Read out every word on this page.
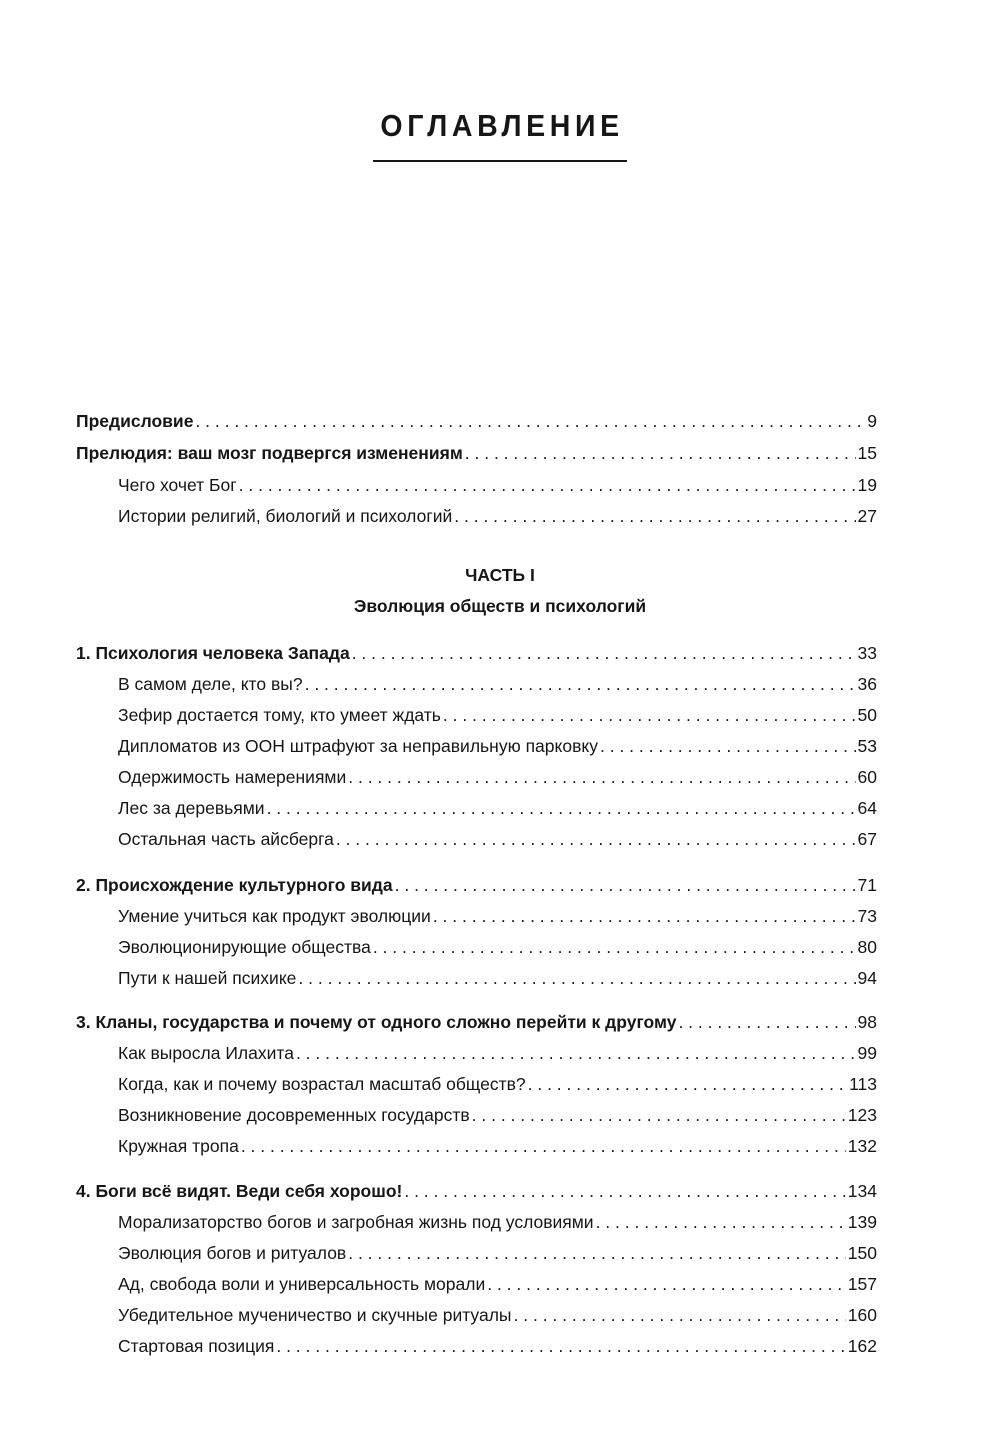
ОГЛАВЛЕНИЕ
Предисловие . . .	9
Прелюдия: ваш мозг подвергся изменениям . . .	15
Чего хочет Бог . . .	19
Истории религий, биологий и психологий . . .	27
ЧАСТЬ I
Эволюция обществ и психологий
1. Психология человека Запада . . .	33
В самом деле, кто вы? . . .	36
Зефир достается тому, кто умеет ждать . . .	50
Дипломатов из ООН штрафуют за неправильную парковку . . .	53
Одержимость намерениями . . .	60
Лес за деревьями . . .	64
Остальная часть айсберга . . .	67
2. Происхождение культурного вида . . .	71
Умение учиться как продукт эволюции . . .	73
Эволюционирующие общества . . .	80
Пути к нашей психике . . .	94
3. Кланы, государства и почему от одного сложно перейти к другому . . .	98
Как выросла Илахита . . .	99
Когда, как и почему возрастал масштаб обществ? . . .	113
Возникновение досовременных государств . . .	123
Кружная тропа . . .	132
4. Боги всё видят. Веди себя хорошо! . . .	134
Морализаторство богов и загробная жизнь под условиями . . .	139
Эволюция богов и ритуалов . . .	150
Ад, свобода воли и универсальность морали . . .	157
Убедительное мученичество и скучные ритуалы . . .	160
Стартовая позиция . . .	162
